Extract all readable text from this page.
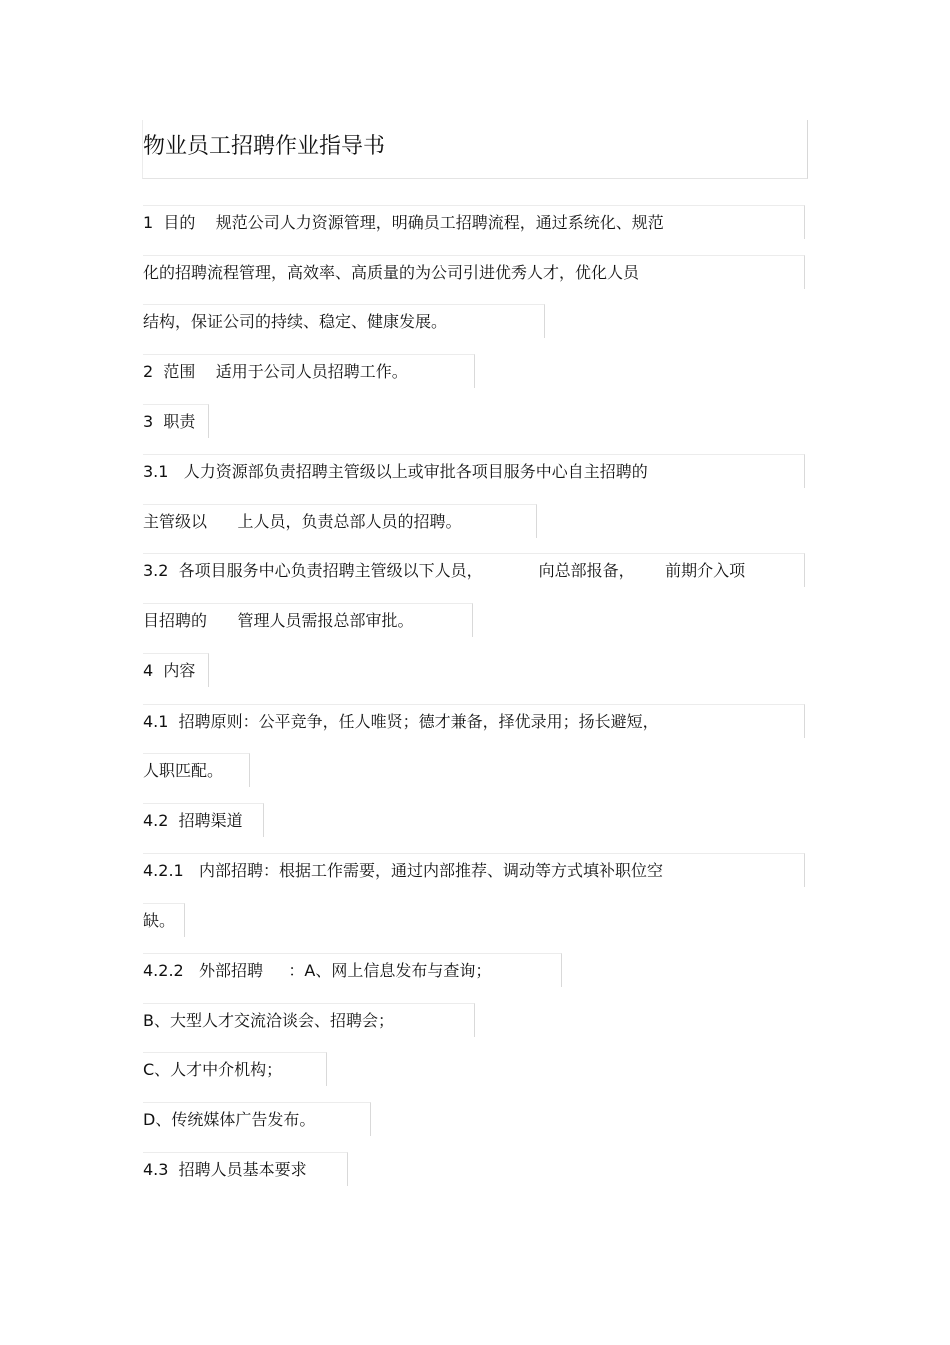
物业员工招聘作业指导书
1  目的    规范公司人力资源管理，明确员工招聘流程，通过系统化、规范
化的招聘流程管理，高效率、高质量的为公司引进优秀人才，优化人员
结构，保证公司的持续、稳定、健康发展。
2  范围    适用于公司人员招聘工作。
3  职责
3.1   人力资源部负责招聘主管级以上或审批各项目服务中心自主招聘的
主管级以      上人员，负责总部人员的招聘。
3.2  各项目服务中心负责招聘主管级以下人员，           向总部报备，      前期介入项
目招聘的      管理人员需报总部审批。
4  内容
4.1  招聘原则：公平竞争，任人唯贤；德才兼备，择优录用；扬长避短，
人职匹配。
4.2  招聘渠道
4.2.1   内部招聘：根据工作需要，通过内部推荐、调动等方式填补职位空
缺。
4.2.2   外部招聘     ：A、网上信息发布与查询；
B、大型人才交流洽谈会、招聘会；
C、人才中介机构；
D、传统媒体广告发布。
4.3  招聘人员基本要求
